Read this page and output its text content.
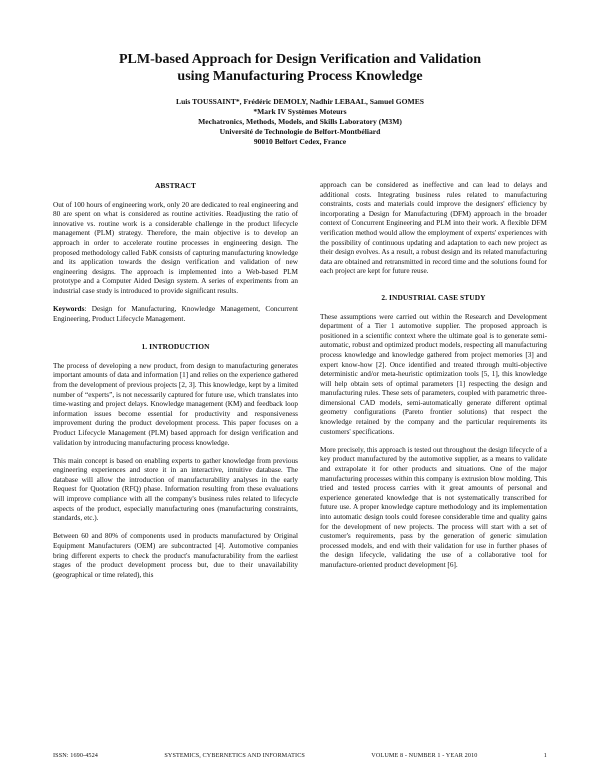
PLM-based Approach for Design Verification and Validation
using Manufacturing Process Knowledge
Luis TOUSSAINT*, Frédéric DEMOLY, Nadhir LEBAAL, Samuel GOMES
*Mark IV Systèmes Moteurs
Mechatronics, Methods, Models, and Skills Laboratory (M3M)
Université de Technologie de Belfort-Montbéliard
90010 Belfort Cedex, France
ABSTRACT

Out of 100 hours of engineering work, only 20 are dedicated to real engineering and 80 are spent on what is considered as routine activities. Readjusting the ratio of innovative vs. routine work is a considerable challenge in the product lifecycle management (PLM) strategy. Therefore, the main objective is to develop an approach in order to accelerate routine processes in engineering design. The proposed methodology called FabK consists of capturing manufacturing knowledge and its application towards the design verification and validation of new engineering designs. The approach is implemented into a Web-based PLM prototype and a Computer Aided Design system. A series of experiments from an industrial case study is introduced to provide significant results.

Keywords: Design for Manufacturing, Knowledge Management, Concurrent Engineering, Product Lifecycle Management.

1. INTRODUCTION

The process of developing a new product, from design to manufacturing generates important amounts of data and information [1] and relies on the experience gathered from the development of previous projects [2, 3]. This knowledge, kept by a limited number of “experts”, is not necessarily captured for future use, which translates into time-wasting and project delays. Knowledge management (KM) and feedback loop information issues become essential for productivity and responsiveness improvement during the product development process. This paper focuses on a Product Lifecycle Management (PLM) based approach for design verification and validation by introducing manufacturing process knowledge.

This main concept is based on enabling experts to gather knowledge from previous engineering experiences and store it in an interactive, intuitive database. The database will allow the introduction of manufacturability analyses in the early Request for Quotation (RFQ) phase. Information resulting from these evaluations will improve compliance with all the company's business rules related to lifecycle aspects of the product, especially manufacturing ones (manufacturing constraints, standards, etc.).

Between 60 and 80% of components used in products manufactured by Original Equipment Manufacturers (OEM) are subcontracted [4]. Automotive companies bring different experts to check the product's manufacturability from the earliest stages of the product development process but, due to their unavailability (geographical or time related), this

approach can be considered as ineffective and can lead to delays and additional costs. Integrating business rules related to manufacturing constraints, costs and materials could improve the designers' efficiency by incorporating a Design for Manufacturing (DFM) approach in the broader context of Concurrent Engineering and PLM into their work. A flexible DFM verification method would allow the employment of experts' experiences with the possibility of continuous updating and adaptation to each new project as their design evolves. As a result, a robust design and its related manufacturing data are obtained and retransmitted in record time and the solutions found for each project are kept for future reuse.

2. INDUSTRIAL CASE STUDY

These assumptions were carried out within the Research and Development department of a Tier 1 automotive supplier. The proposed approach is positioned in a scientific context where the ultimate goal is to generate semi-automatic, robust and optimized product models, respecting all manufacturing process knowledge and knowledge gathered from project memories [3] and expert know-how [2]. Once identified and treated through multi-objective deterministic and/or meta-heuristic optimization tools [5, 1], this knowledge will help obtain sets of optimal parameters [1] respecting the design and manufacturing rules. These sets of parameters, coupled with parametric three-dimensional CAD models, semi-automatically generate different optimal geometry configurations (Pareto frontier solutions) that respect the knowledge retained by the company and the particular requirements its customers' specifications.

More precisely, this approach is tested out throughout the design lifecycle of a key product manufactured by the automotive supplier, as a means to validate and extrapolate it for other products and situations. One of the major manufacturing processes within this company is extrusion blow molding. This tried and tested process carries with it great amounts of personal and experience generated knowledge that is not systematically transcribed for future use. A proper knowledge capture methodology and its implementation into automatic design tools could foresee considerable time and quality gains for the development of new projects. The process will start with a set of customer's requirements, pass by the generation of generic simulation processed models, and end with their validation for use in further phases of the design lifecycle, validating the use of a collaborative tool for manufacture-oriented product development [6].

ISSN: 1690-4524	SYSTEMICS, CYBERNETICS AND INFORMATICS	VOLUME 8 - NUMBER 1 - YEAR 2010	1
